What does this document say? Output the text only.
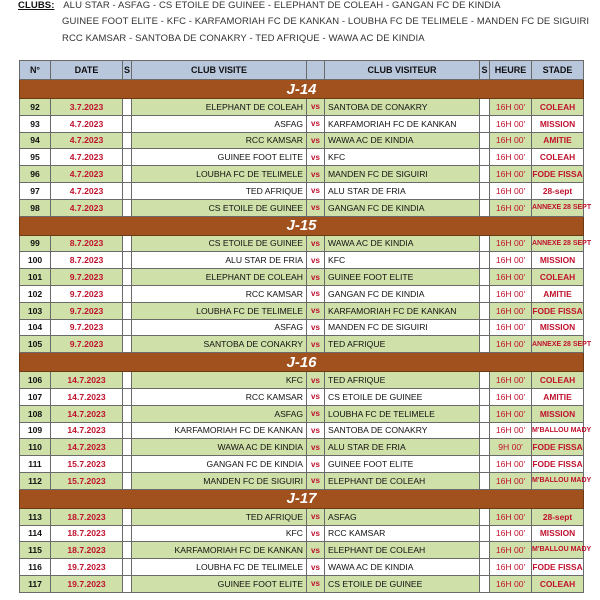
CLUBS: ALU STAR - ASFAG - CS ETOILE DE GUINEE - ELEPHANT DE COLEAH - GANGAN FC DE KINDIA
GUINEE FOOT ELITE - KFC - KARFAMORIAH FC DE KANKAN - LOUBHA FC DE TELIMELE - MANDEN FC DE SIGUIRI
RCC KAMSAR - SANTOBA DE CONAKRY - TED AFRIQUE - WAWA AC DE KINDIA
N°	DATE	S	CLUB VISITE		CLUB VISITEUR	S	HEURE	STADE
J-14								
92	3.7.2023		ELEPHANT DE COLEAH	vs	SANTOBA DE CONAKRY		16H 00'	COLEAH
93	4.7.2023		ASFAG	vs	KARFAMORIAH FC DE KANKAN		16H 00'	MISSION
94	4.7.2023		RCC KAMSAR	vs	WAWA AC DE KINDIA		16H 00'	AMITIE
95	4.7.2023		GUINEE FOOT ELITE	vs	KFC		16H 00'	COLEAH
96	4.7.2023		LOUBHA FC DE TELIMELE	vs	MANDEN FC DE SIGUIRI		16H 00'	FODE FISSA
97	4.7.2023		TED AFRIQUE	vs	ALU STAR DE FRIA		16H 00'	28-sept
98	4.7.2023		CS ETOILE DE GUINEE	vs	GANGAN FC DE KINDIA		16H 00'	ANNEXE 28 SEPT
J-15								
99	8.7.2023		CS ETOILE DE GUINEE	vs	WAWA AC DE KINDIA		16H 00'	ANNEXE 28 SEPT
100	8.7.2023		ALU STAR DE FRIA	vs	KFC		16H 00'	MISSION
101	9.7.2023		ELEPHANT DE COLEAH	vs	GUINEE FOOT ELITE		16H 00'	COLEAH
102	9.7.2023		RCC KAMSAR	vs	GANGAN FC DE KINDIA		16H 00'	AMITIE
103	9.7.2023		LOUBHA FC DE TELIMELE	vs	KARFAMORIAH FC DE KANKAN		16H 00'	FODE FISSA
104	9.7.2023		ASFAG	vs	MANDEN FC DE SIGUIRI		16H 00'	MISSION
105	9.7.2023		SANTOBA DE CONAKRY	vs	TED AFRIQUE		16H 00'	ANNEXE 28 SEPT
J-16								
106	14.7.2023		KFC	vs	TED AFRIQUE		16H 00'	COLEAH
107	14.7.2023		RCC KAMSAR	vs	CS ETOILE DE GUINEE		16H 00'	AMITIE
108	14.7.2023		ASFAG	vs	LOUBHA FC DE TELIMELE		16H 00'	MISSION
109	14.7.2023		KARFAMORIAH FC DE KANKAN	vs	SANTOBA DE CONAKRY		16H 00'	M'BALLOU MADY
110	14.7.2023		WAWA AC DE KINDIA	vs	ALU STAR DE FRIA		9H 00'	FODE FISSA
111	15.7.2023		GANGAN FC DE KINDIA	vs	GUINEE FOOT ELITE		16H 00'	FODE FISSA
112	15.7.2023		MANDEN FC DE SIGUIRI	vs	ELEPHANT DE COLEAH		16H 00'	M'BALLOU MADY
J-17								
113	18.7.2023		TED AFRIQUE	vs	ASFAG		16H 00'	28-sept
114	18.7.2023		KFC	vs	RCC KAMSAR		16H 00'	MISSION
115	18.7.2023		KARFAMORIAH FC DE KANKAN	vs	ELEPHANT DE COLEAH		16H 00'	M'BALLOU MADY
116	19.7.2023		LOUBHA FC DE TELIMELE	vs	WAWA AC DE KINDIA		16H 00'	FODE FISSA
117	19.7.2023		GUINEE FOOT ELITE	vs	CS ETOILE DE GUINEE		16H 00'	COLEAH
